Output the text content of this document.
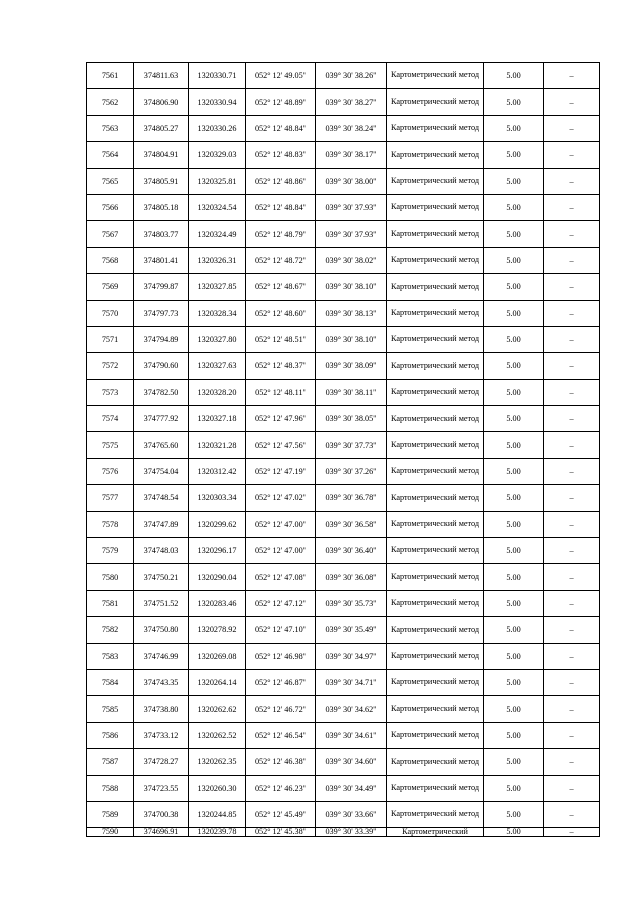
7561	374811.63	1320330.71	052° 12' 49.05"	039° 30' 38.26"	Картометрический метод	5.00	–
7562	374806.90	1320330.94	052° 12' 48.89"	039° 30' 38.27"	Картометрический метод	5.00	–
7563	374805.27	1320330.26	052° 12' 48.84"	039° 30' 38.24"	Картометрический метод	5.00	–
7564	374804.91	1320329.03	052° 12' 48.83"	039° 30' 38.17"	Картометрический метод	5.00	–
7565	374805.91	1320325.81	052° 12' 48.86"	039° 30' 38.00"	Картометрический метод	5.00	–
7566	374805.18	1320324.54	052° 12' 48.84"	039° 30' 37.93"	Картометрический метод	5.00	–
7567	374803.77	1320324.49	052° 12' 48.79"	039° 30' 37.93"	Картометрический метод	5.00	–
7568	374801.41	1320326.31	052° 12' 48.72"	039° 30' 38.02"	Картометрический метод	5.00	–
7569	374799.87	1320327.85	052° 12' 48.67"	039° 30' 38.10"	Картометрический метод	5.00	–
7570	374797.73	1320328.34	052° 12' 48.60"	039° 30' 38.13"	Картометрический метод	5.00	–
7571	374794.89	1320327.80	052° 12' 48.51"	039° 30' 38.10"	Картометрический метод	5.00	–
7572	374790.60	1320327.63	052° 12' 48.37"	039° 30' 38.09"	Картометрический метод	5.00	–
7573	374782.50	1320328.20	052° 12' 48.11"	039° 30' 38.11"	Картометрический метод	5.00	–
7574	374777.92	1320327.18	052° 12' 47.96"	039° 30' 38.05"	Картометрический метод	5.00	–
7575	374765.60	1320321.28	052° 12' 47.56"	039° 30' 37.73"	Картометрический метод	5.00	–
7576	374754.04	1320312.42	052° 12' 47.19"	039° 30' 37.26"	Картометрический метод	5.00	–
7577	374748.54	1320303.34	052° 12' 47.02"	039° 30' 36.78"	Картометрический метод	5.00	–
7578	374747.89	1320299.62	052° 12' 47.00"	039° 30' 36.58"	Картометрический метод	5.00	–
7579	374748.03	1320296.17	052° 12' 47.00"	039° 30' 36.40"	Картометрический метод	5.00	–
7580	374750.21	1320290.04	052° 12' 47.08"	039° 30' 36.08"	Картометрический метод	5.00	–
7581	374751.52	1320283.46	052° 12' 47.12"	039° 30' 35.73"	Картометрический метод	5.00	–
7582	374750.80	1320278.92	052° 12' 47.10"	039° 30' 35.49"	Картометрический метод	5.00	–
7583	374746.99	1320269.08	052° 12' 46.98"	039° 30' 34.97"	Картометрический метод	5.00	–
7584	374743.35	1320264.14	052° 12' 46.87"	039° 30' 34.71"	Картометрический метод	5.00	–
7585	374738.80	1320262.62	052° 12' 46.72"	039° 30' 34.62"	Картометрический метод	5.00	–
7586	374733.12	1320262.52	052° 12' 46.54"	039° 30' 34.61"	Картометрический метод	5.00	–
7587	374728.27	1320262.35	052° 12' 46.38"	039° 30' 34.60"	Картометрический метод	5.00	–
7588	374723.55	1320260.30	052° 12' 46.23"	039° 30' 34.49"	Картометрический метод	5.00	–
7589	374700.38	1320244.85	052° 12' 45.49"	039° 30' 33.66"	Картометрический метод	5.00	–
7590	374696.91	1320239.78	052° 12' 45.38"	039° 30' 33.39"	Картометрический	5.00	–
